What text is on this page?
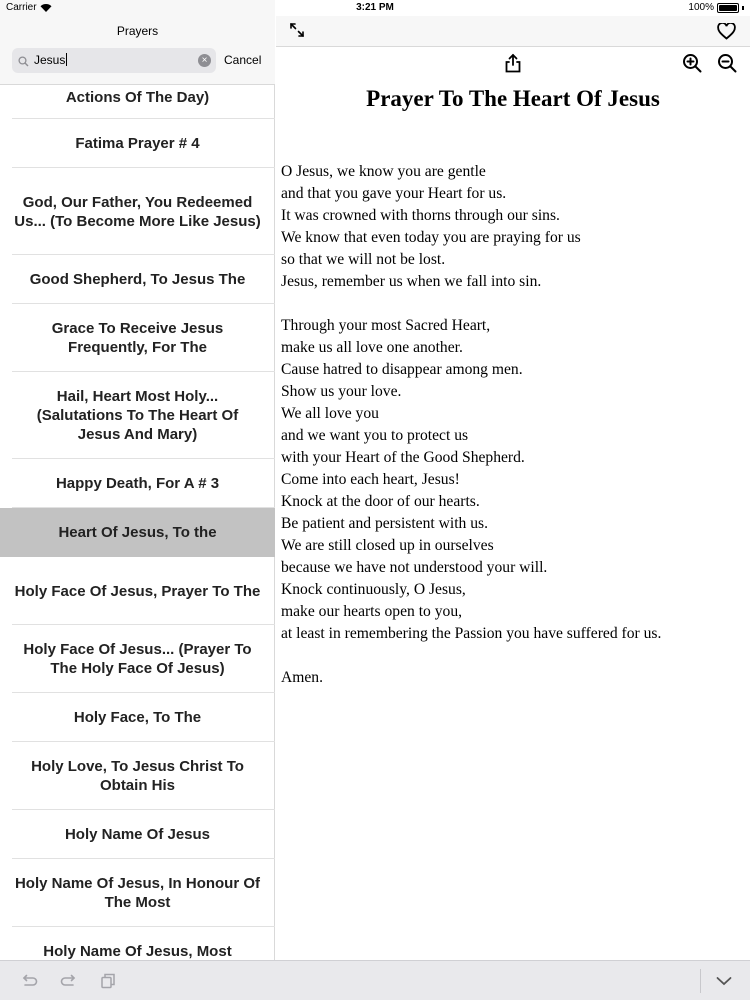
Prayers
Jesus	× Cancel
Actions Of The Day)
Fatima Prayer # 4
God, Our Father, You Redeemed Us... (To Become More Like Jesus)
Good Shepherd, To Jesus The
Grace To Receive Jesus Frequently, For The
Hail, Heart Most Holy... (Salutations To The Heart Of Jesus And Mary)
Happy Death, For A # 3
Heart Of Jesus, To the
Holy Face Of Jesus, Prayer To The
Holy Face Of Jesus... (Prayer To The Holy Face Of Jesus)
Holy Face, To The
Holy Love, To Jesus Christ To Obtain His
Holy Name Of Jesus
Holy Name Of Jesus, In Honour Of The Most
Holy Name Of Jesus, Most
Carrier	3:21 PM	100%
Prayer To The Heart Of Jesus
O Jesus, we know you are gentle
and that you gave your Heart for us.
It was crowned with thorns through our sins.
We know that even today you are praying for us
so that we will not be lost.
Jesus, remember us when we fall into sin.
Through your most Sacred Heart,
make us all love one another.
Cause hatred to disappear among men.
Show us your love.
We all love you
and we want you to protect us
with your Heart of the Good Shepherd.
Come into each heart, Jesus!
Knock at the door of our hearts.
Be patient and persistent with us.
We are still closed up in ourselves
because we have not understood your will.
Knock continuously, O Jesus,
make our hearts open to you,
at least in remembering the Passion you have suffered for us.
Amen.
